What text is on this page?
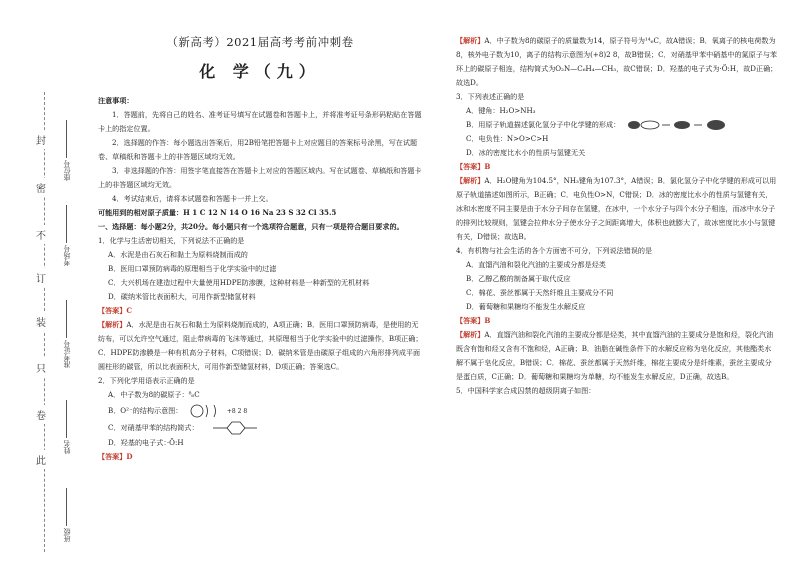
封
密
不
订
装
只
卷
此
座位号
考场号
准考证号
姓名
班级
（新高考）2021届高考考前冲刺卷
化 学（九）

注意事项：

1．答题前，先将自己的姓名、准考证号填写在试题卷和答题卡上，并将准考证号条形码粘贴在答题卡上的指定位置。

2．选择题的作答：每小题选出答案后，用2B铅笔把答题卡上对应题目的答案标号涂黑，写在试题卷、草稿纸和答题卡上的非答题区域均无效。

3．非选择题的作答：用签字笔直接答在答题卡上对应的答题区域内。写在试题卷、草稿纸和答题卡上的非答题区域均无效。

4．考试结束后，请将本试题卷和答题卡一并上交。

可能用到的相对原子质量：H 1 C 12 N 14 O 16 Na 23 S 32 Cl 35.5

一、选择题：每小题2分，共20分。每小题只有一个选项符合题意，只有一项是符合题目要求的。

1．化学与生活密切相关，下列说法不正确的是

A．水泥是由石灰石和黏土为原料烧制而成的

B．医用口罩预防病毒的原理相当于化学实验中的过滤

C．大兴机场在建造过程中大量使用HDPE防渗膜，这种材料是一种新型的无机材料

D．碳纳米管比表面积大，可用作新型储氢材料

【答案】C

【解析】A．水泥是由石灰石和黏土为原料烧制而成的，A项正确；B．医用口罩预防病毒，是使用的无纺布，可以允许空气通过，阻止带病毒的飞沫等通过，其原理相当于化学实验中的过滤操作，B项正确；C．HDPE防渗膜是一种有机高分子材料，C项错误；D．碳纳米管是由碳原子组成的六角形排列成平面圆柱形的碳管，所以比表面积大，可用作新型储氢材料，D项正确；答案选C。

2．下列化学用语表示正确的是

A．中子数为8的碳原子：⁸₆C

B．O²⁻的结构示意图：	+8 2 8

C．对硝基甲苯的结构简式：

D．羟基的电子式：·Ö:H

【答案】D

【解析】A．中子数为8的碳原子的质量数为14，原子符号为¹⁴₆C，故A错误；B．氧离子的核电荷数为8，核外电子数为10，离子的结构示意图为(+8)2 8，故B错误；C．对硝基甲苯中硝基中的氮原子与苯环上的碳原子相连，结构简式为O₂N—C₆H₄—CH₃，故C错误；D．羟基的电子式为·Ö:H，故D正确；故选D。

3．下列表述正确的是

A．键角：H₂O>NH₃

B．用原子轨道描述氯化氢分子中化学键的形成：

C．电负性：N>O>C>H

D．冰的密度比水小的性质与氢键无关

【答案】B

【解析】A．H₂O键角为104.5°，NH₃键角为107.3°，A错误；B．氯化氢分子中化学键的形成可以用原子轨道描述如图所示，B正确；C．电负性O>N，C错误；D．冰的密度比水小的性质与氢键有关，冰和水密度不同主要是由于水分子间存在氢键，在冰中，一个水分子与四个水分子相连，而冰中水分子的排列比较规则，氢键会拉伸水分子使水分子之间距离增大，体积也就膨大了，故冰密度比水小与氢键有关，D错误；故选B。

4．有机物与社会生活的各个方面密不可分，下列说法错误的是

A．直馏汽油和裂化汽油的主要成分都是烃类

B．乙醇乙酸的制备属于取代反应

C．棉花、蚕丝都属于天然纤维且主要成分不同

D．葡萄糖和果糖均不能发生水解反应

【答案】B

【解析】A．直馏汽油和裂化汽油的主要成分都是烃类，其中直馏汽油的主要成分是饱和烃，裂化汽油既含有饱和烃又含有不饱和烃，A正确；B．油脂在碱性条件下的水解反应称为皂化反应，其他酯类水解不属于皂化反应，B错误；C．棉花、蚕丝都属于天然纤维，棉花主要成分是纤维素，蚕丝主要成分是蛋白质，C正确；D．葡萄糖和果糖均为单糖，均不能发生水解反应，D正确，故选B。

5．中国科学家合成囚禁的超级阴离子如图：
